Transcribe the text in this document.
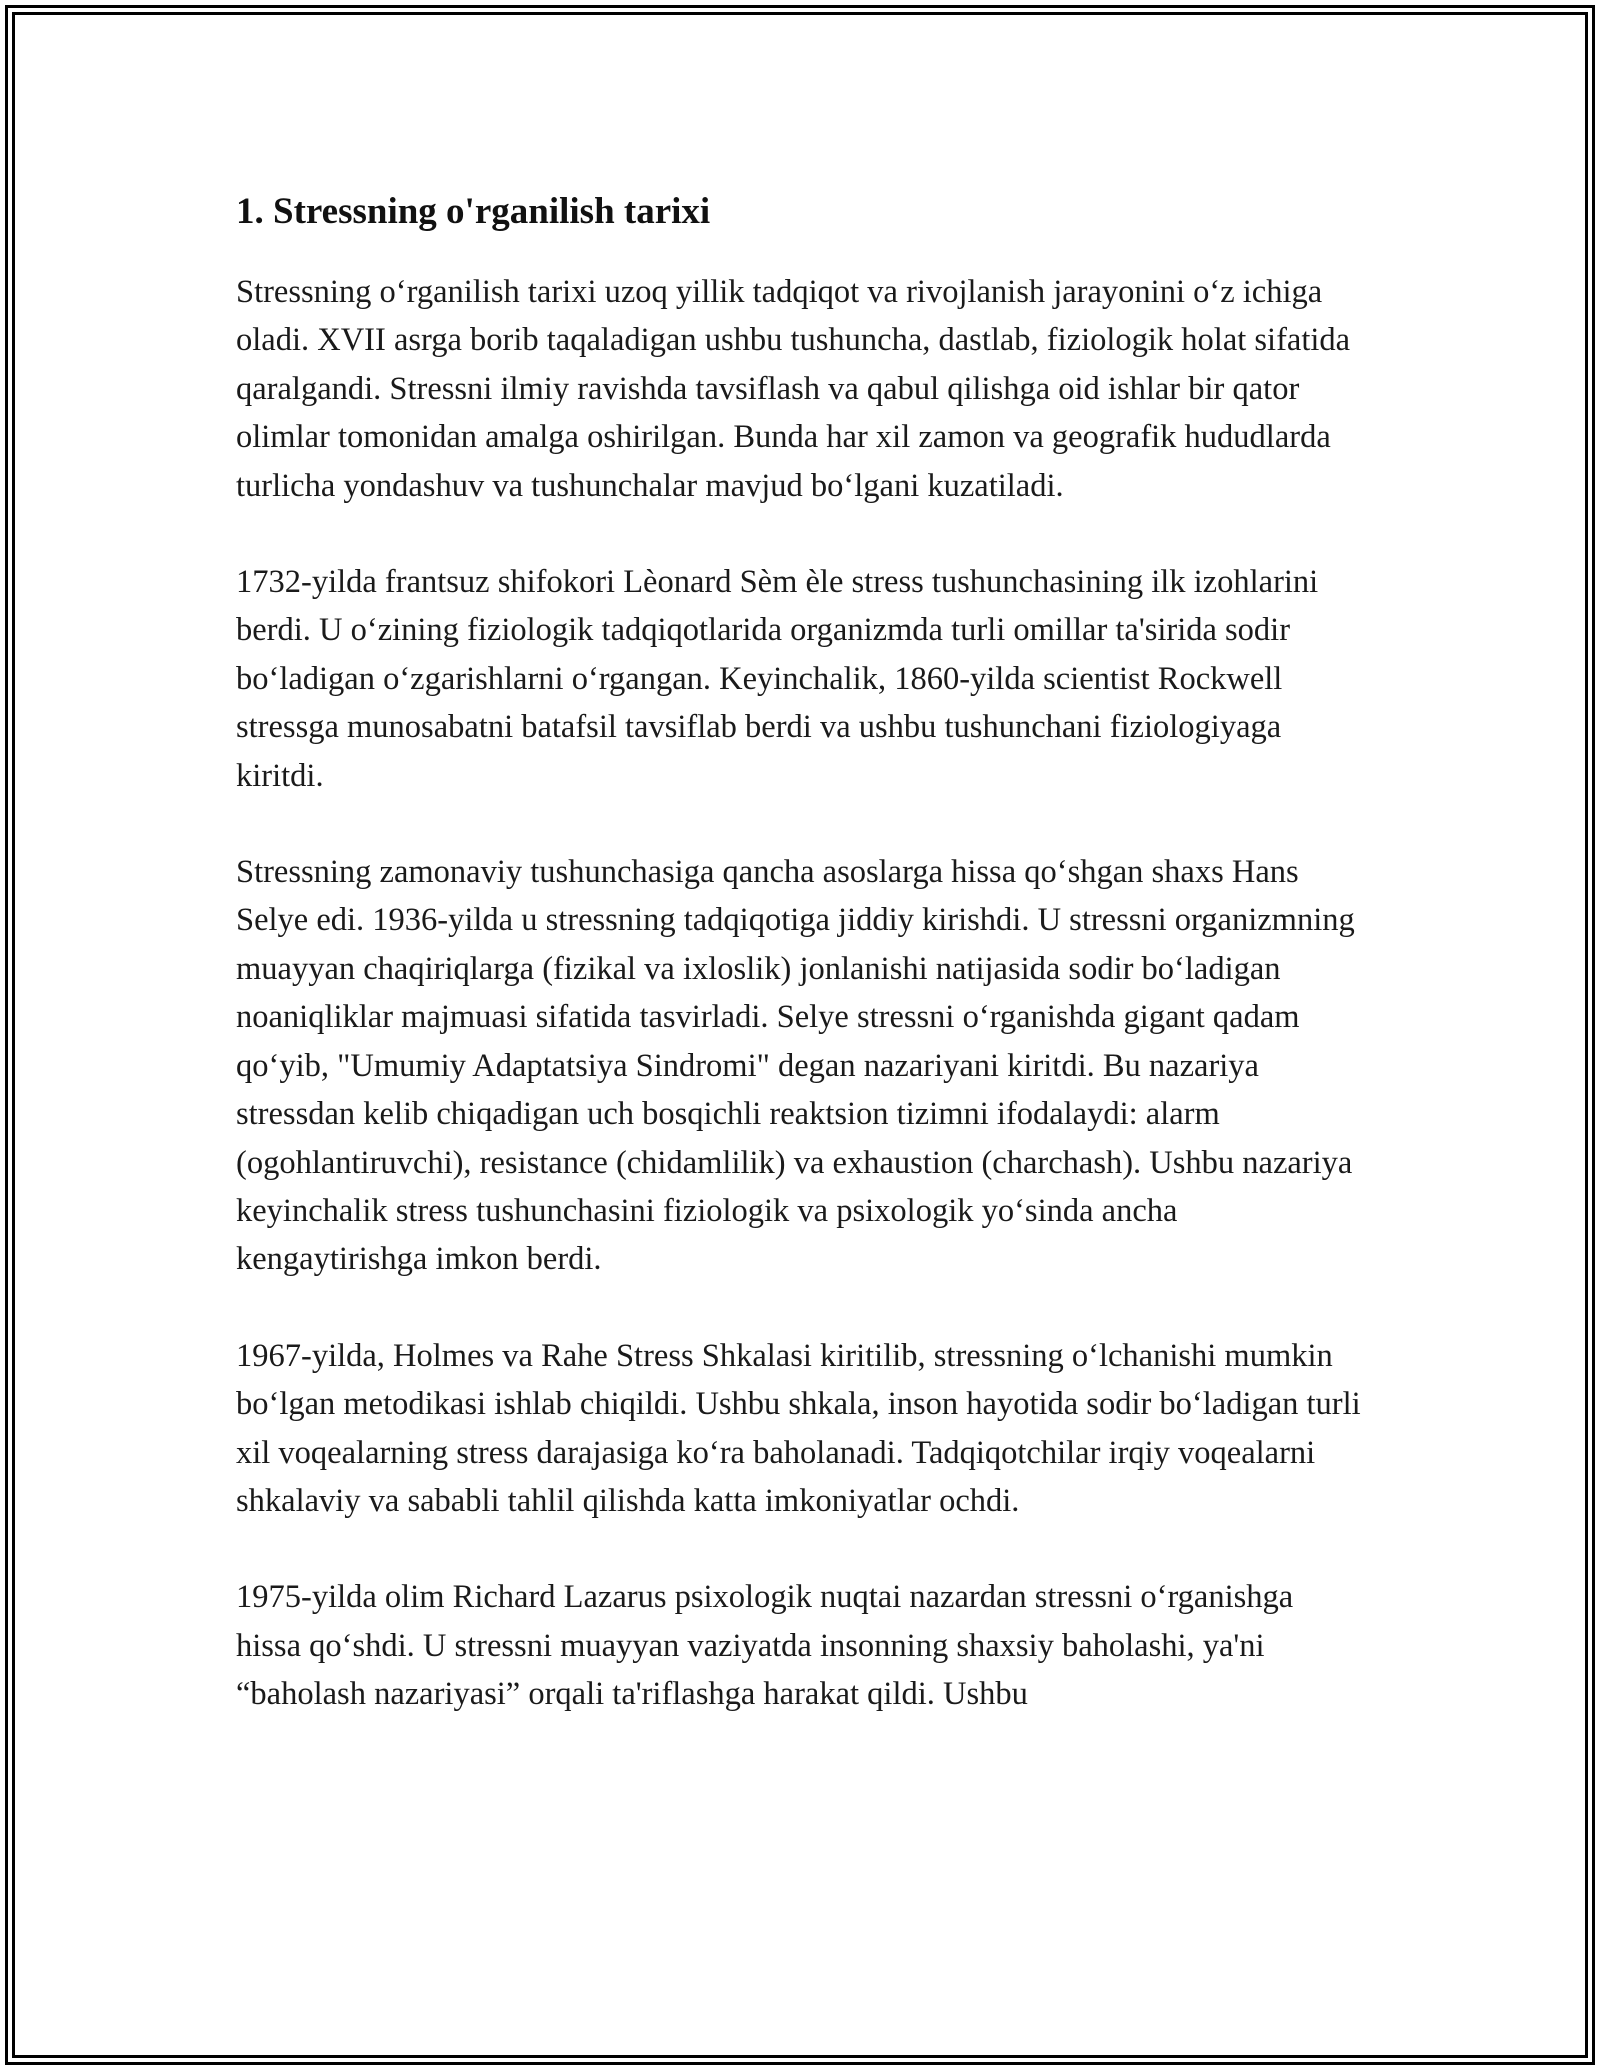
1. Stressning o'rganilish tarixi

Stressning o‘rganilish tarixi uzoq yillik tadqiqot va rivojlanish jarayonini o‘z ichiga oladi. XVII asrga borib taqaladigan ushbu tushuncha, dastlab, fiziologik holat sifatida qaralgandi. Stressni ilmiy ravishda tavsiflash va qabul qilishga oid ishlar bir qator olimlar tomonidan amalga oshirilgan. Bunda har xil zamon va geografik hududlarda turlicha yondashuv va tushunchalar mavjud bo‘lgani kuzatiladi.

1732-yilda frantsuz shifokori Lèonard Sèm èle stress tushunchasining ilk izohlarini berdi. U o‘zining fiziologik tadqiqotlarida organizmda turli omillar ta'sirida sodir bo‘ladigan o‘zgarishlarni o‘rgangan. Keyinchalik, 1860-yilda scientist Rockwell stressga munosabatni batafsil tavsiflab berdi va ushbu tushunchani fiziologiyaga kiritdi.

Stressning zamonaviy tushunchasiga qancha asoslarga hissa qo‘shgan shaxs Hans Selye edi. 1936-yilda u stressning tadqiqotiga jiddiy kirishdi. U stressni organizmning muayyan chaqiriqlarga (fizikal va ixloslik) jonlanishi natijasida sodir bo‘ladigan noaniqliklar majmuasi sifatida tasvirladi. Selye stressni o‘rganishda gigant qadam qo‘yib, "Umumiy Adaptatsiya Sindromi" degan nazariyani kiritdi. Bu nazariya stressdan kelib chiqadigan uch bosqichli reaktsion tizimni ifodalaydi: alarm (ogohlantiruvchi), resistance (chidamlilik) va exhaustion (charchash). Ushbu nazariya keyinchalik stress tushunchasini fiziologik va psixologik yo‘sinda ancha kengaytirishga imkon berdi.

1967-yilda, Holmes va Rahe Stress Shkalasi kiritilib, stressning o‘lchanishi mumkin bo‘lgan metodikasi ishlab chiqildi. Ushbu shkala, inson hayotida sodir bo‘ladigan turli xil voqealarning stress darajasiga ko‘ra baholanadi. Tadqiqotchilar irqiy voqealarni shkalaviy va sababli tahlil qilishda katta imkoniyatlar ochdi.

1975-yilda olim Richard Lazarus psixologik nuqtai nazardan stressni o‘rganishga hissa qo‘shdi. U stressni muayyan vaziyatda insonning shaxsiy baholashi, ya'ni “baholash nazariyasi” orqali ta'riflashga harakat qildi. Ushbu
